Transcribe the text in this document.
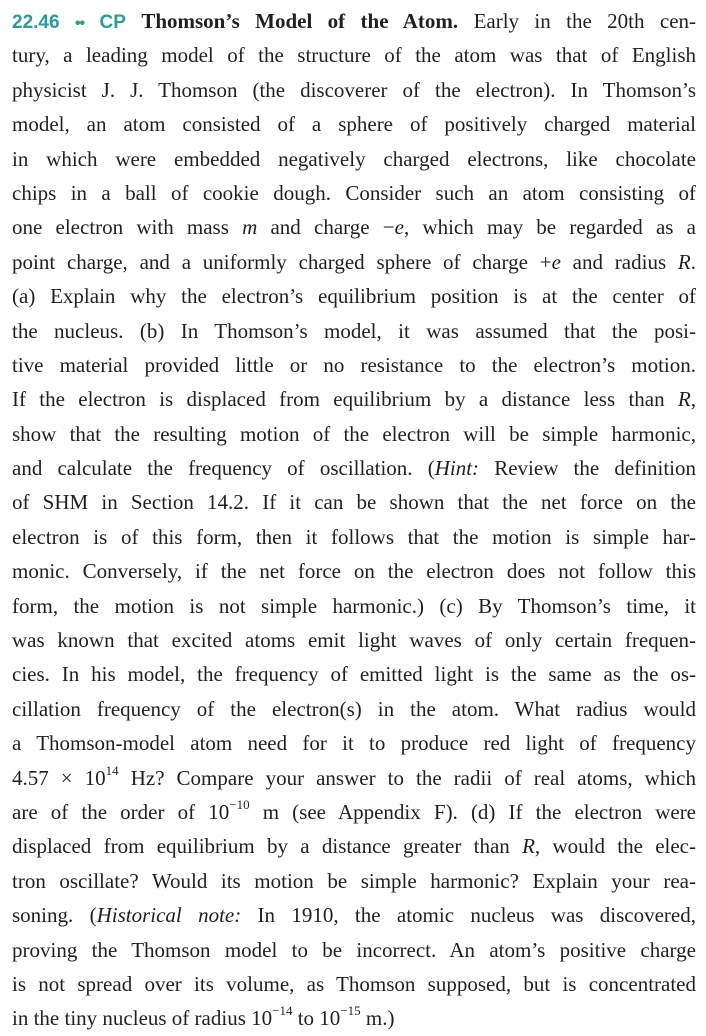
22.46 •• CP Thomson’s Model of the Atom. Early in the 20th cen-
tury, a leading model of the structure of the atom was that of English
physicist J. J. Thomson (the discoverer of the electron). In Thomson’s
model, an atom consisted of a sphere of positively charged material
in which were embedded negatively charged electrons, like chocolate
chips in a ball of cookie dough. Consider such an atom consisting of
one electron with mass m and charge −e, which may be regarded as a
point charge, and a uniformly charged sphere of charge +e and radius R.
(a) Explain why the electron’s equilibrium position is at the center of
the nucleus. (b) In Thomson’s model, it was assumed that the posi-
tive material provided little or no resistance to the electron’s motion.
If the electron is displaced from equilibrium by a distance less than R,
show that the resulting motion of the electron will be simple harmonic,
and calculate the frequency of oscillation. (Hint: Review the definition
of SHM in Section 14.2. If it can be shown that the net force on the
electron is of this form, then it follows that the motion is simple har-
monic. Conversely, if the net force on the electron does not follow this
form, the motion is not simple harmonic.) (c) By Thomson’s time, it
was known that excited atoms emit light waves of only certain frequen-
cies. In his model, the frequency of emitted light is the same as the os-
cillation frequency of the electron(s) in the atom. What radius would
a Thomson-model atom need for it to produce red light of frequency
$4.57 \times 10^{14}$ Hz? Compare your answer to the radii of real atoms, which
are of the order of $10^{-10}$ m (see Appendix F). (d) If the electron were
displaced from equilibrium by a distance greater than R, would the elec-
tron oscillate? Would its motion be simple harmonic? Explain your rea-
soning. (Historical note: In 1910, the atomic nucleus was discovered,
proving the Thomson model to be incorrect. An atom’s positive charge
is not spread over its volume, as Thomson supposed, but is concentrated
in the tiny nucleus of radius $10^{-14}$ to $10^{-15}$ m.)
